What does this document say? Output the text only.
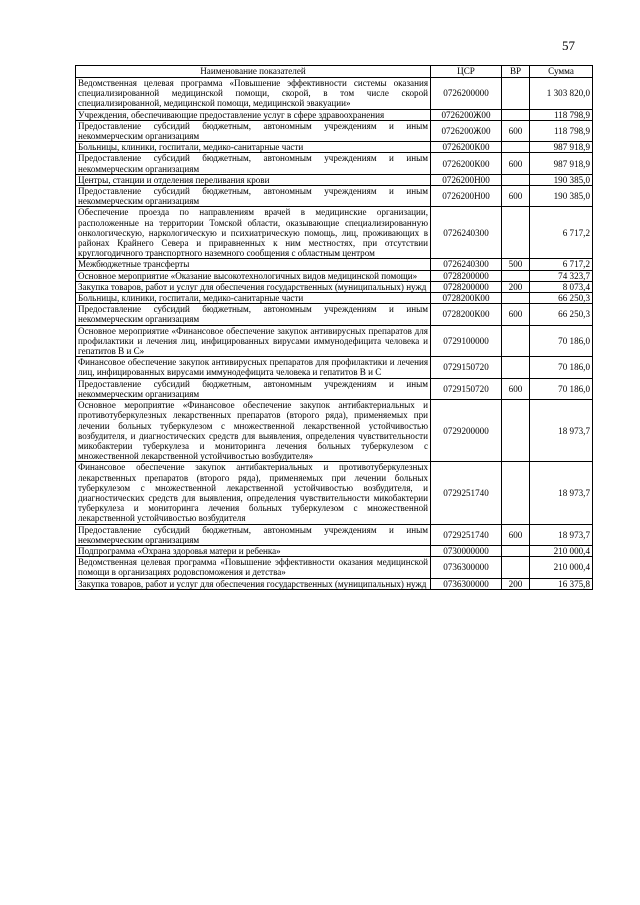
57
Наименование показателей	ЦСР	ВР	Сумма
Ведомственная целевая программа «Повышение эффективности системы оказания специализированной медицинской помощи, скорой, в том числе скорой специализированной, медицинской помощи, медицинской эвакуации»	0726200000		1 303 820,0
Учреждения, обеспечивающие предоставление услуг в сфере здравоохранения	0726200Ж00		118 798,9
Предоставление субсидий бюджетным, автономным учреждениям и иным некоммерческим организациям	0726200Ж00	600	118 798,9
Больницы, клиники, госпитали, медико-санитарные части	0726200К00		987 918,9
Предоставление субсидий бюджетным, автономным учреждениям и иным некоммерческим организациям	0726200К00	600	987 918,9
Центры, станции и отделения переливания крови	0726200Н00		190 385,0
Предоставление субсидий бюджетным, автономным учреждениям и иным некоммерческим организациям	0726200Н00	600	190 385,0
Обеспечение проезда по направлениям врачей в медицинские организации, расположенные на территории Томской области, оказывающие специализированную онкологическую, наркологическую и психиатрическую помощь, лиц, проживающих в районах Крайнего Севера и приравненных к ним местностях, при отсутствии круглогодичного транспортного наземного сообщения с областным центром	0726240300		6 717,2
Межбюджетные трансферты	0726240300	500	6 717,2
Основное мероприятие «Оказание высокотехнологичных видов медицинской помощи»	0728200000		74 323,7
Закупка товаров, работ и услуг для обеспечения государственных (муниципальных) нужд	0728200000	200	8 073,4
Больницы, клиники, госпитали, медико-санитарные части	0728200К00		66 250,3
Предоставление субсидий бюджетным, автономным учреждениям и иным некоммерческим организациям	0728200К00	600	66 250,3
Основное мероприятие «Финансовое обеспечение закупок антивирусных препаратов для профилактики и лечения лиц, инфицированных вирусами иммунодефицита человека и гепатитов В и С»	0729100000		70 186,0
Финансовое обеспечение закупок антивирусных препаратов для профилактики и лечения лиц, инфицированных вирусами иммунодефицита человека и гепатитов В и С	0729150720		70 186,0
Предоставление субсидий бюджетным, автономным учреждениям и иным некоммерческим организациям	0729150720	600	70 186,0
Основное мероприятие «Финансовое обеспечение закупок антибактериальных и противотуберкулезных лекарственных препаратов (второго ряда), применяемых при лечении больных туберкулезом с множественной лекарственной устойчивостью возбудителя, и диагностических средств для выявления, определения чувствительности микобактерии туберкулеза и мониторинга лечения больных туберкулезом с множественной лекарственной устойчивостью возбудителя»	0729200000		18 973,7
Финансовое обеспечение закупок антибактериальных и противотуберкулезных лекарственных препаратов (второго ряда), применяемых при лечении больных туберкулезом с множественной лекарственной устойчивостью возбудителя, и диагностических средств для выявления, определения чувствительности микобактерии туберкулеза и мониторинга лечения больных туберкулезом с множественной лекарственной устойчивостью возбудителя	0729251740		18 973,7
Предоставление субсидий бюджетным, автономным учреждениям и иным некоммерческим организациям	0729251740	600	18 973,7
Подпрограмма «Охрана здоровья матери и ребенка»	0730000000		210 000,4
Ведомственная целевая программа «Повышение эффективности оказания медицинской помощи в организациях родовспоможения и детства»	0736300000		210 000,4
Закупка товаров, работ и услуг для обеспечения государственных (муниципальных) нужд	0736300000	200	16 375,8
